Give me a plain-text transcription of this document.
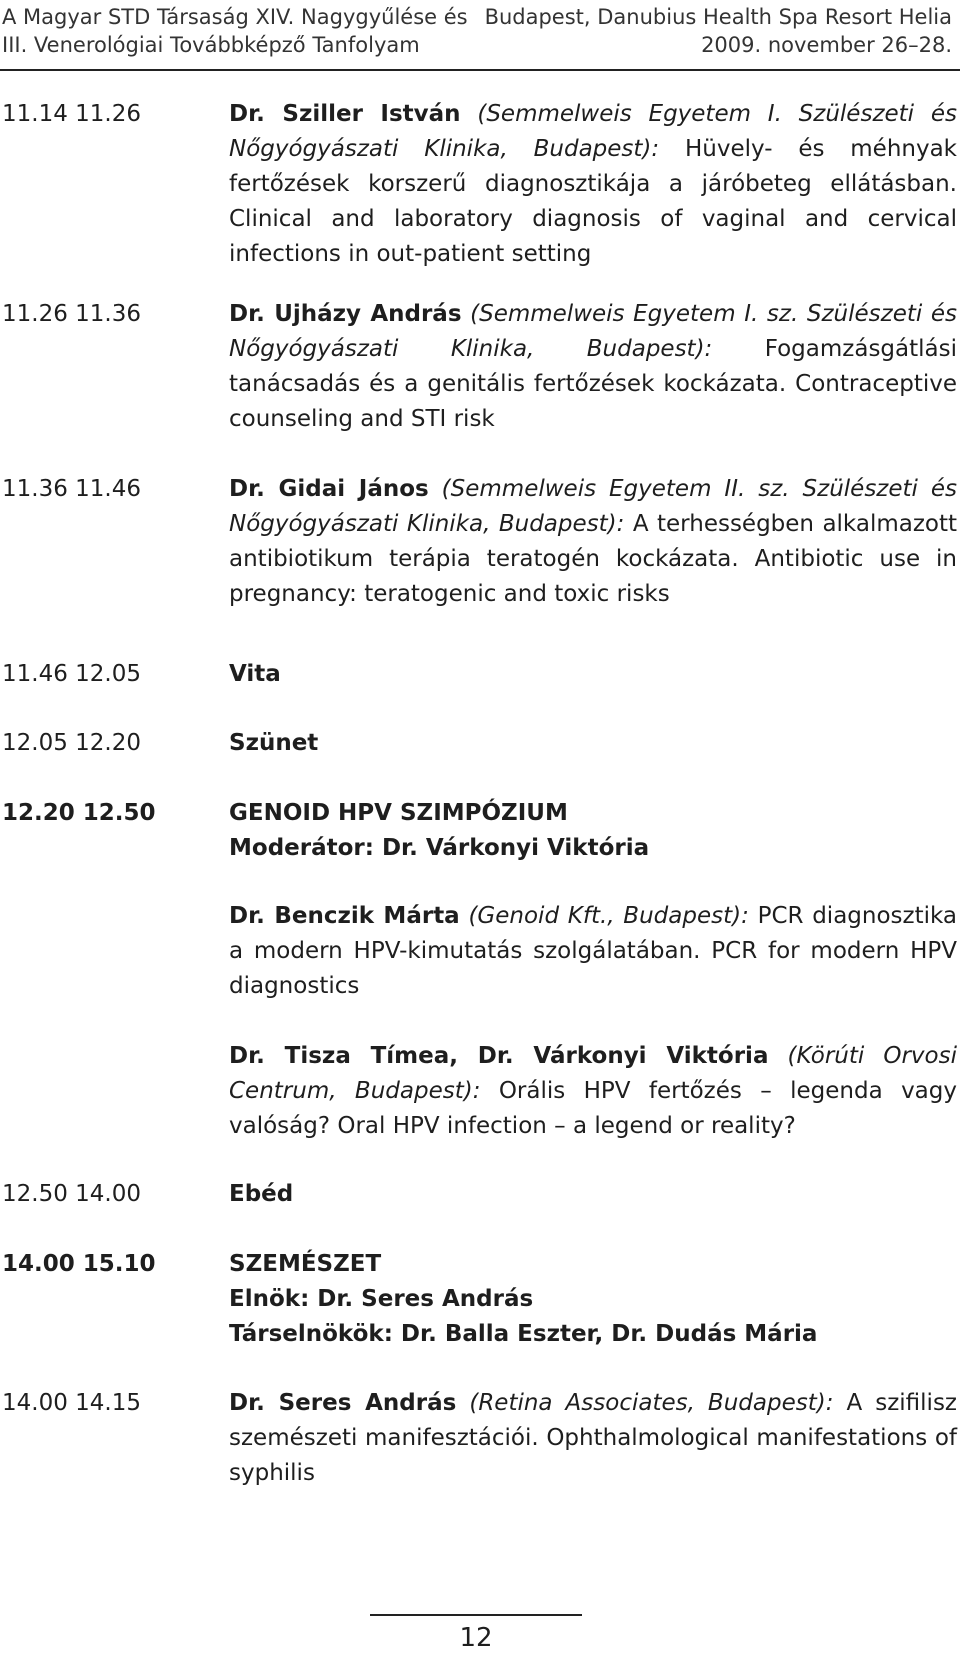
A Magyar STD Társaság XIV. Nagygyűlése és
III. Venerológiai Továbbképző Tanfolyam
Budapest, Danubius Health Spa Resort Helia
2009. november 26–28.
11.14 11.26	Dr. Sziller István (Semmelweis Egyetem I. Szülészeti és Nőgyógyászati Klinika, Budapest): Hüvely- és méhnyak fertőzések korszerű diagnosztikája a járóbeteg ellátásban. Clinical and laboratory diagnosis of vaginal and cervical infections in out-patient setting
11.26 11.36	Dr. Ujházy András (Semmelweis Egyetem I. sz. Szülészeti és Nőgyógyászati Klinika, Budapest): Fogamzásgátlási tanácsadás és a genitális fertőzések kockázata. Contraceptive counseling and STI risk
11.36 11.46	Dr. Gidai János (Semmelweis Egyetem II. sz. Szülészeti és Nőgyógyászati Klinika, Budapest): A terhességben alkalmazott antibiotikum terápia teratogén kockázata. Antibiotic use in pregnancy: teratogenic and toxic risks
11.46 12.05	Vita
12.05 12.20	Szünet
12.20 12.50	GENOID HPV SZIMPÓZIUM

Moderátor: Dr. Várkonyi Viktória

Dr. Benczik Márta (Genoid Kft., Budapest): PCR diagnosztika a modern HPV-kimutatás szolgálatában. PCR for modern HPV diagnostics
Dr. Tisza Tímea, Dr. Várkonyi Viktória (Körúti Orvosi Centrum, Budapest): Orális HPV fertőzés – legenda vagy valóság? Oral HPV infection – a legend or reality?
12.50 14.00	Ebéd
14.00 15.10	SZEMÉSZET

Elnök: Dr. Seres András

Társelnökök: Dr. Balla Eszter, Dr. Dudás Mária

14.00 14.15	Dr. Seres András (Retina Associates, Budapest): A szifilisz szemészeti manifesztációi. Ophthalmological manifestations of syphilis
12
